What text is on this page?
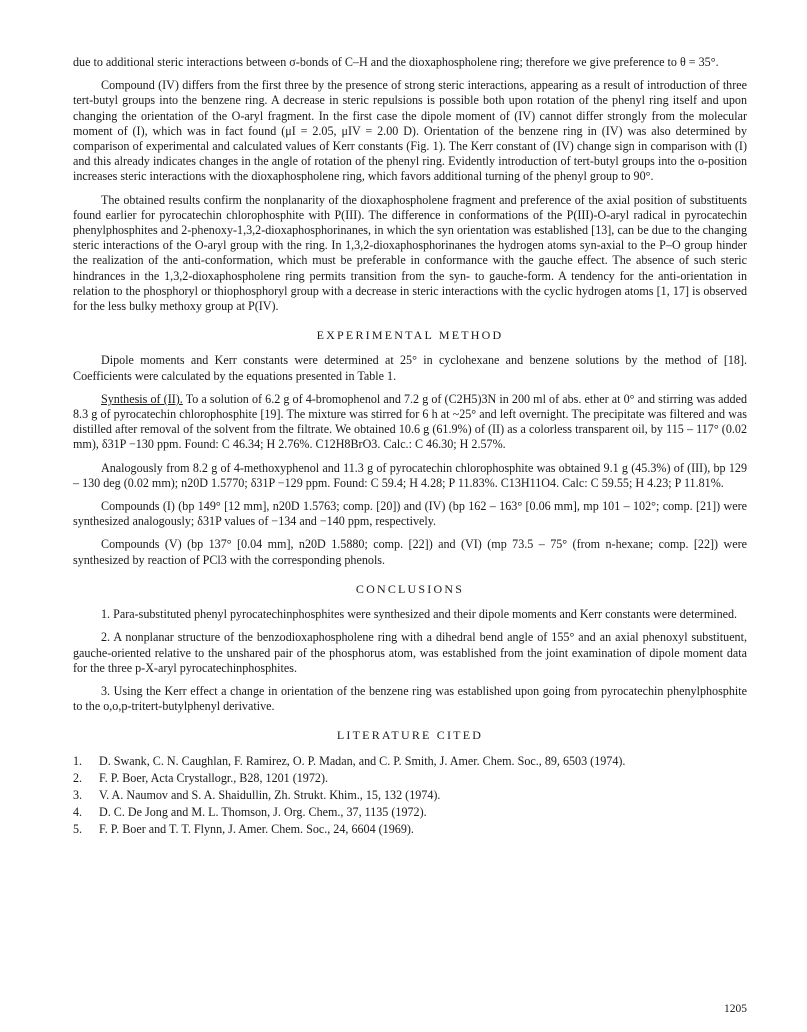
due to additional steric interactions between σ-bonds of C–H and the dioxaphospholene ring; therefore we give preference to θ = 35°.

Compound (IV) differs from the first three by the presence of strong steric interactions, appearing as a result of introduction of three tert-butyl groups into the benzene ring. A decrease in steric repulsions is possible both upon rotation of the phenyl ring itself and upon changing the orientation of the O-aryl fragment. In the first case the dipole moment of (IV) cannot differ strongly from the molecular moment of (I), which was in fact found (μI = 2.05, μIV = 2.00 D). Orientation of the benzene ring in (IV) was also determined by comparison of experimental and calculated values of Kerr constants (Fig. 1). The Kerr constant of (IV) change sign in comparison with (I) and this already indicates changes in the angle of rotation of the phenyl ring. Evidently introduction of tert-butyl groups into the o-position increases steric interactions with the dioxaphospholene ring, which favors additional turning of the phenyl group to 90°.

The obtained results confirm the nonplanarity of the dioxaphospholene fragment and preference of the axial position of substituents found earlier for pyrocatechin chlorophosphite with P(III). The difference in conformations of the P(III)-O-aryl radical in pyrocatechin phenylphosphites and 2-phenoxy-1,3,2-dioxaphosphorinanes, in which the syn orientation was established [13], can be due to the changing steric interactions of the O-aryl group with the ring. In 1,3,2-dioxaphosphorinanes the hydrogen atoms syn-axial to the P–O group hinder the realization of the anti-conformation, which must be preferable in conformance with the gauche effect. The absence of such steric hindrances in the 1,3,2-dioxaphospholene ring permits transition from the syn- to gauche-form. A tendency for the anti-orientation in relation to the phosphoryl or thiophosphoryl group with a decrease in steric interactions with the cyclic hydrogen atoms [1, 17] is observed for the less bulky methoxy group at P(IV).

EXPERIMENTAL METHOD

Dipole moments and Kerr constants were determined at 25° in cyclohexane and benzene solutions by the method of [18]. Coefficients were calculated by the equations presented in Table 1.

Synthesis of (II). To a solution of 6.2 g of 4-bromophenol and 7.2 g of (C2H5)3N in 200 ml of abs. ether at 0° and stirring was added 8.3 g of pyrocatechin chlorophosphite [19]. The mixture was stirred for 6 h at ~25° and left overnight. The precipitate was filtered and was distilled after removal of the solvent from the filtrate. We obtained 10.6 g (61.9%) of (II) as a colorless transparent oil, by 115 – 117° (0.02 mm), δ31P −130 ppm. Found: C 46.34; H 2.76%. C12H8BrO3. Calc.: C 46.30; H 2.57%.

Analogously from 8.2 g of 4-methoxyphenol and 11.3 g of pyrocatechin chlorophosphite was obtained 9.1 g (45.3%) of (III), bp 129 – 130 deg (0.02 mm); n20D 1.5770; δ31P −129 ppm. Found: C 59.4; H 4.28; P 11.83%. C13H11O4. Calc: C 59.55; H 4.23; P 11.81%.

Compounds (I) (bp 149° [12 mm], n20D 1.5763; comp. [20]) and (IV) (bp 162 – 163° [0.06 mm], mp 101 – 102°; comp. [21]) were synthesized analogously; δ31P values of −134 and −140 ppm, respectively.

Compounds (V) (bp 137° [0.04 mm], n20D 1.5880; comp. [22]) and (VI) (mp 73.5 – 75° (from n-hexane; comp. [22]) were synthesized by reaction of PCl3 with the corresponding phenols.

CONCLUSIONS

1. Para-substituted phenyl pyrocatechinphosphites were synthesized and their dipole moments and Kerr constants were determined.

2. A nonplanar structure of the benzodioxaphospholene ring with a dihedral bend angle of 155° and an axial phenoxyl substituent, gauche-oriented relative to the unshared pair of the phosphorus atom, was established from the joint examination of dipole moment data for the three p-X-aryl pyrocatechinphosphites.

3. Using the Kerr effect a change in orientation of the benzene ring was established upon going from pyrocatechin phenylphosphite to the o,o,p-tritert-butylphenyl derivative.

LITERATURE CITED
1.	D. Swank, C. N. Caughlan, F. Ramirez, O. P. Madan, and C. P. Smith, J. Amer. Chem. Soc., 89, 6503 (1974).
2.	F. P. Boer, Acta Crystallogr., B28, 1201 (1972).
3.	V. A. Naumov and S. A. Shaidullin, Zh. Strukt. Khim., 15, 132 (1974).
4.	D. C. De Jong and M. L. Thomson, J. Org. Chem., 37, 1135 (1972).
5.	F. P. Boer and T. T. Flynn, J. Amer. Chem. Soc., 24, 6604 (1969).
1205
